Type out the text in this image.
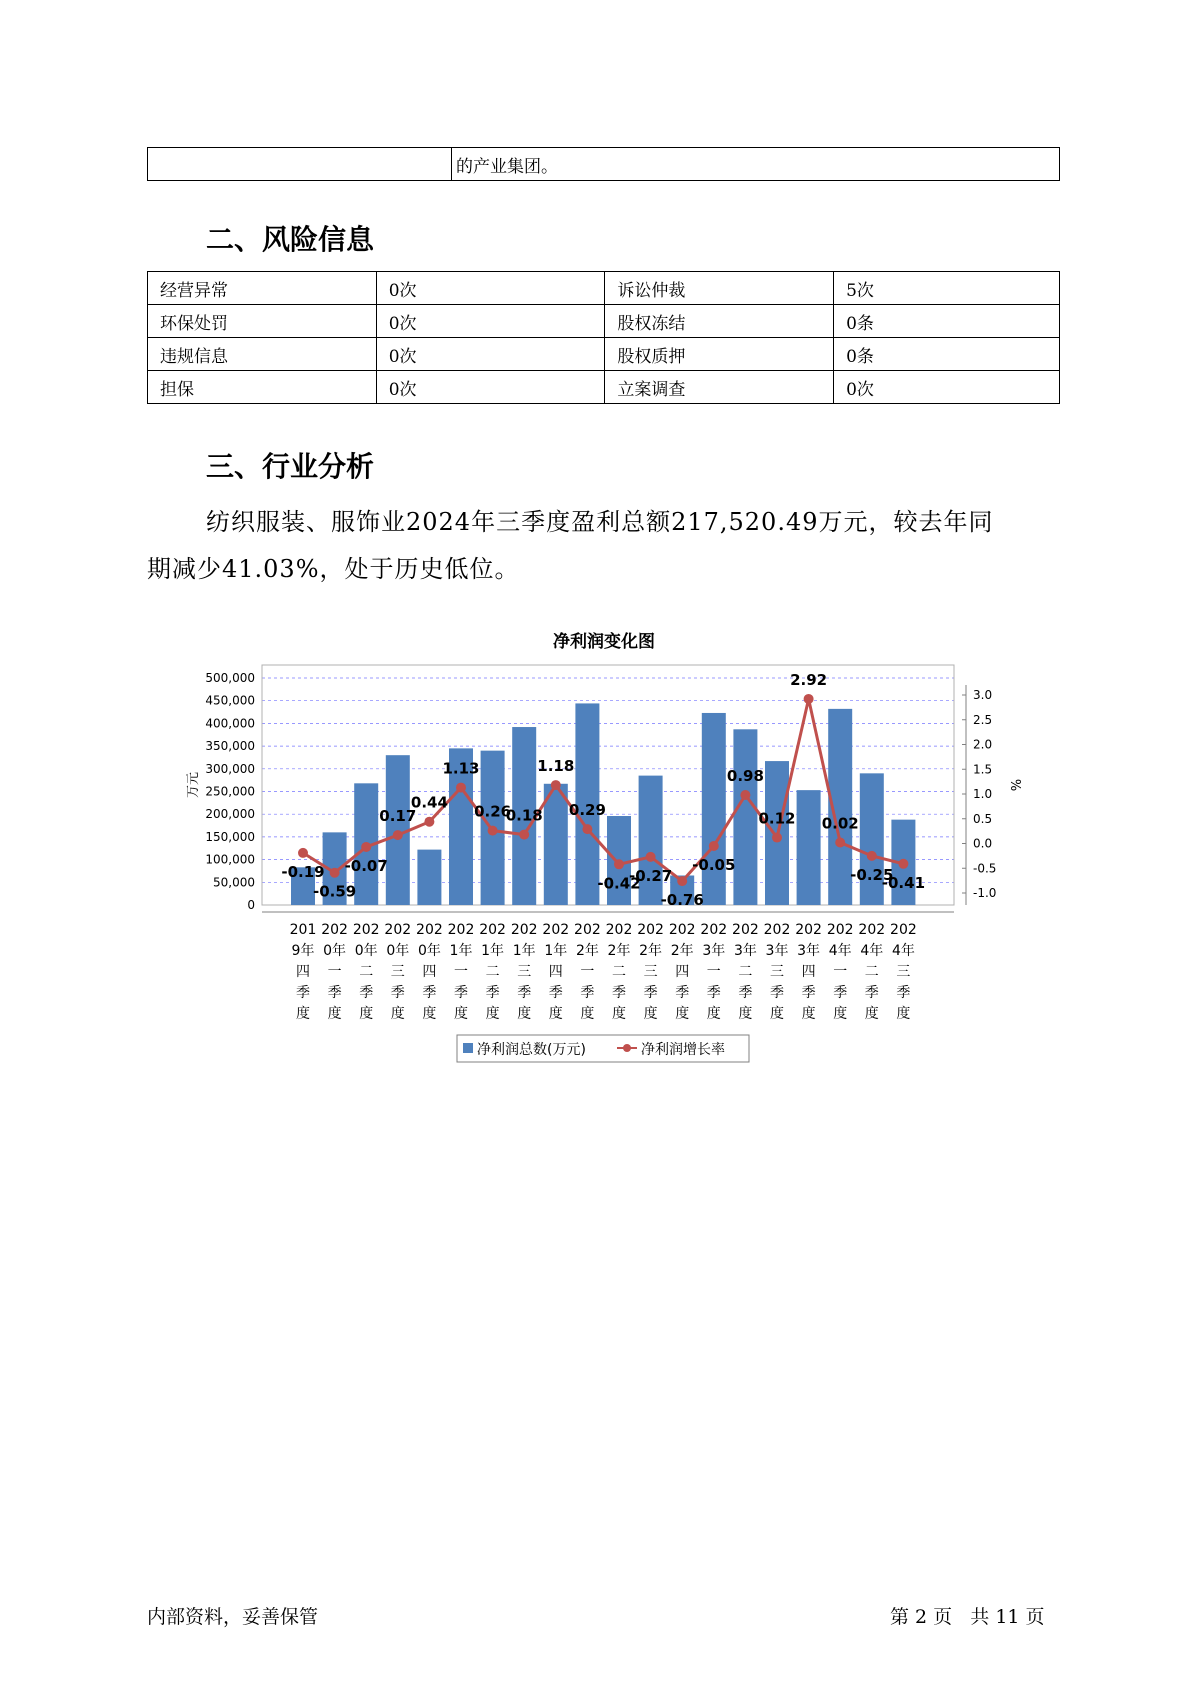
	的产业集团。
二、风险信息
经营异常	0次	诉讼仲裁	5次
环保处罚	0次	股权冻结	0条
违规信息	0次	股权质押	0条
担保	0次	立案调查	0次
三、行业分析
纺织服装、服饰业2024年三季度盈利总额217,520.49万元，较去年同
期减少41.03%，处于历史低位。
净利润变化图
0
50,000
100,000
150,000
200,000
250,000
300,000
350,000
400,000
450,000
500,000
-1.0
-0.5
0.0
0.5
1.0
1.5
2.0
2.5
3.0
万元	%
-0.19
-0.59
-0.07
0.17
0.44
1.13
0.26
0.18
1.18
0.29
-0.42
-0.27
-0.76
-0.05
0.98
0.12
2.92
0.02
-0.25
-0.41
201
9年
四
季
度
202
0年
一
季
度
202
0年
二
季
度
202
0年
三
季
度
202
0年
四
季
度
202
1年
一
季
度
202
1年
二
季
度
202
1年
三
季
度
202
1年
四
季
度
202
2年
一
季
度
202
2年
二
季
度
202
2年
三
季
度
202
2年
四
季
度
202
3年
一
季
度
202
3年
二
季
度
202
3年
三
季
度
202
3年
四
季
度
202
4年
一
季
度
202
4年
二
季
度
202
4年
三
季
度
净利润总数(万元)	净利润增长率
内部资料，妥善保管	第 2 页   共 11 页
